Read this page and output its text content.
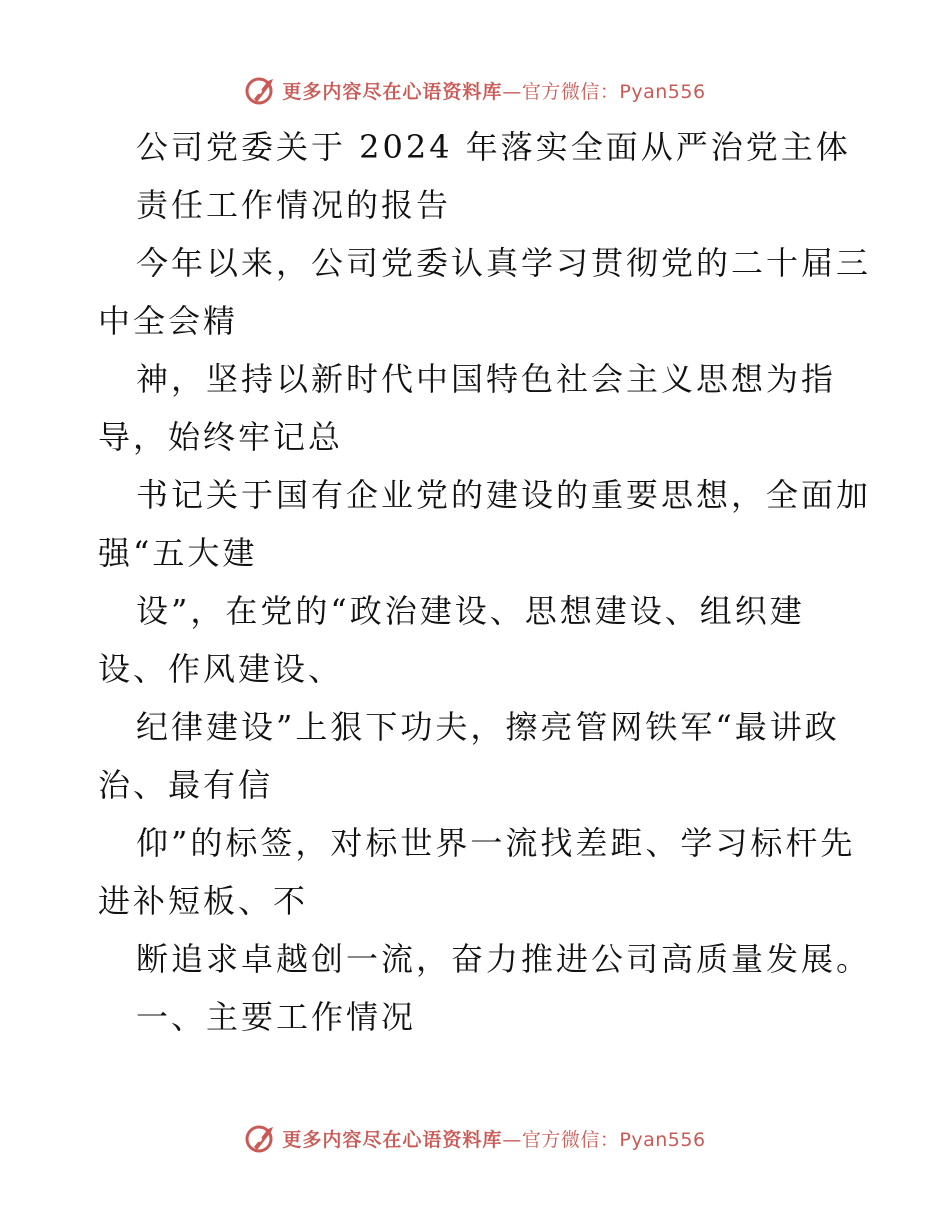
更多内容尽在心语资料库 —官方微信：Pyan556
公司党委关于 2024 年落实全面从严治党主体
责任工作情况的报告
今年以来，公司党委认真学习贯彻党的二十届三
中全会精
神，坚持以新时代中国特色社会主义思想为指
导，始终牢记总
书记关于国有企业党的建设的重要思想，全面加
强“五大建
设”，在党的“政治建设、思想建设、组织建
设、作风建设、
纪律建设”上狠下功夫，擦亮管网铁军“最讲政
治、最有信
仰”的标签，对标世界一流找差距、学习标杆先
进补短板、不
断追求卓越创一流，奋力推进公司高质量发展。
一、主要工作情况
更多内容尽在心语资料库 —官方微信：Pyan556
